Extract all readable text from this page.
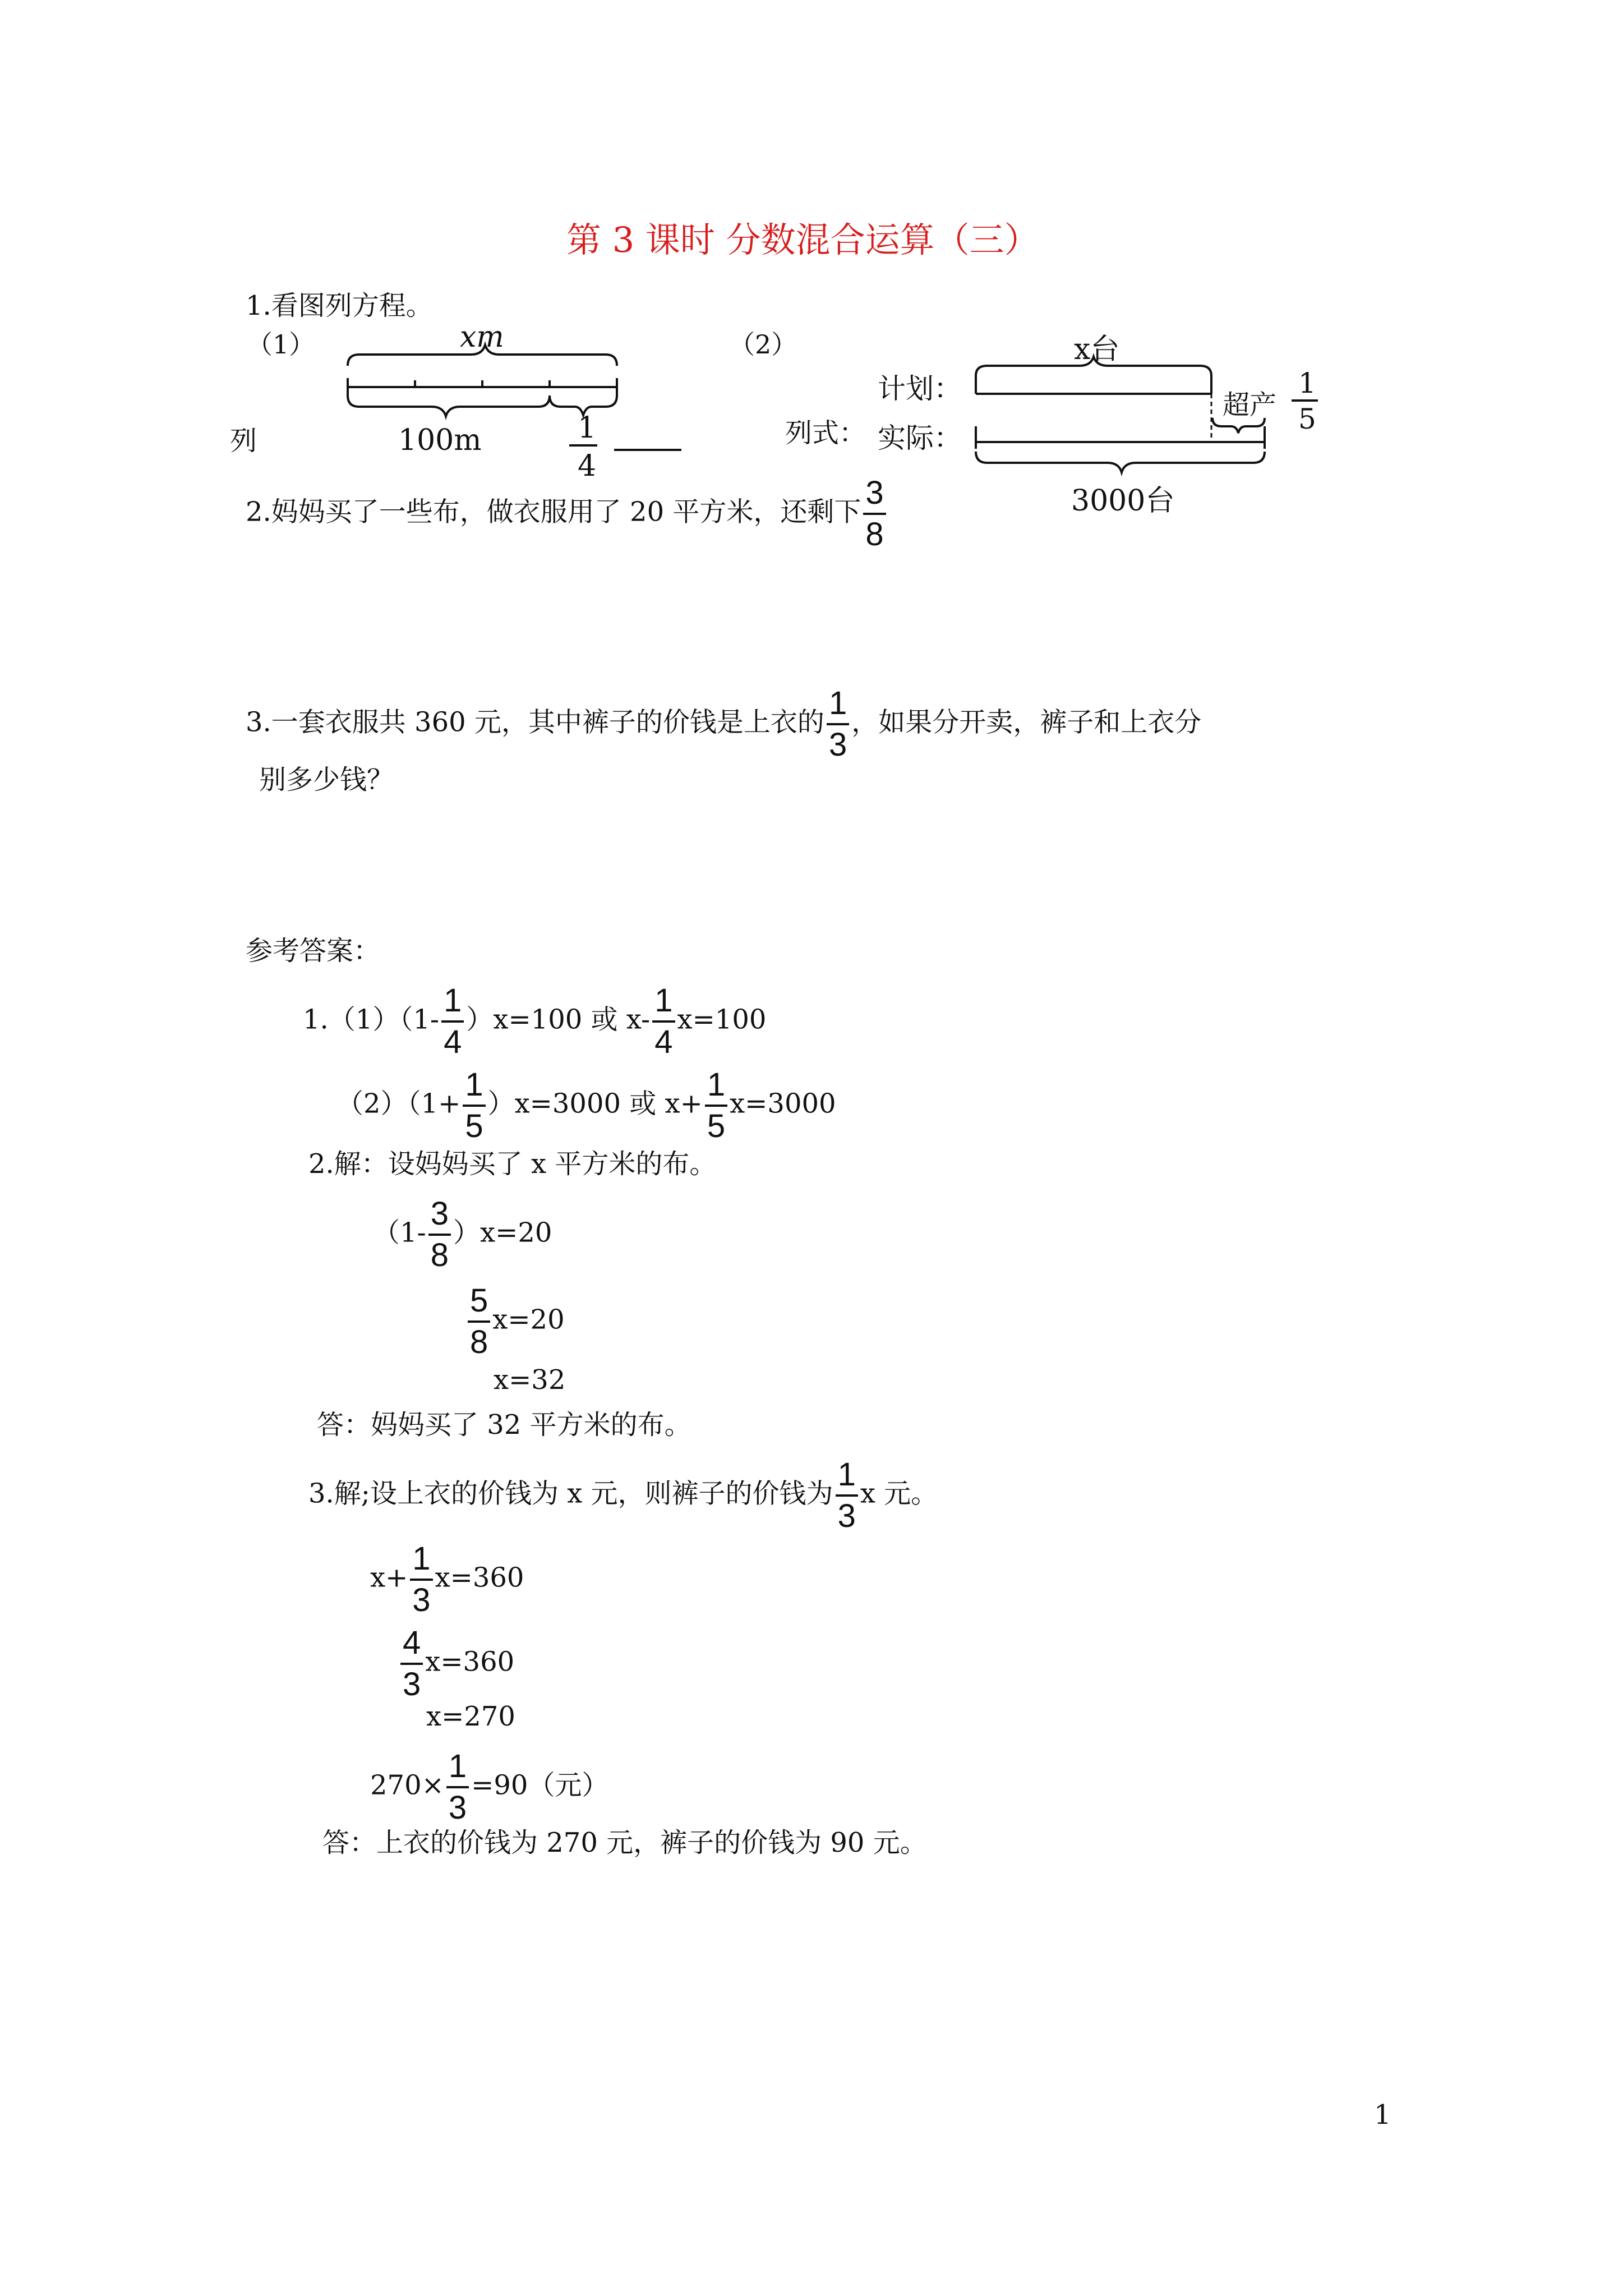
第 3 课时 分数混合运算（三）
1.看图列方程。
（1）	xm
列	100m	1
4
（2）	x台
计划：
实际：
列式：
超产
1
5
3000台
2.妈妈买了一些布，做衣服用了 20 平方米，还剩下 $\frac{3}{8}$
3.一套衣服共 360 元，其中裤子的价钱是上衣的 $\frac{1}{3}$ ，如果分开卖，裤子和上衣分
别多少钱？
参考答案：
$1.(1)(1- \frac{1}{4} )x=100$ 或 $x- \frac{1}{4} x=100$
$(2)(1+ \frac{1}{5} )x=3000$ 或 $x+ \frac{1}{5} x=3000$
2.解：设妈妈买了 x 平方米的布。
$(1- \frac{3}{8} )x=20$
$\frac{5}{8} x=20$
x=32
答：妈妈买了 32 平方米的布。
3.解;设上衣的价钱为 x 元，则裤子的价钱为 $\frac{1}{3}$ x 元。
$x+ \frac{1}{3} x=360$
$\frac{4}{3} x=360$
x=270
$270\times \frac{1}{3} =90$（元）
答：上衣的价钱为 270 元，裤子的价钱为 90 元。
1
